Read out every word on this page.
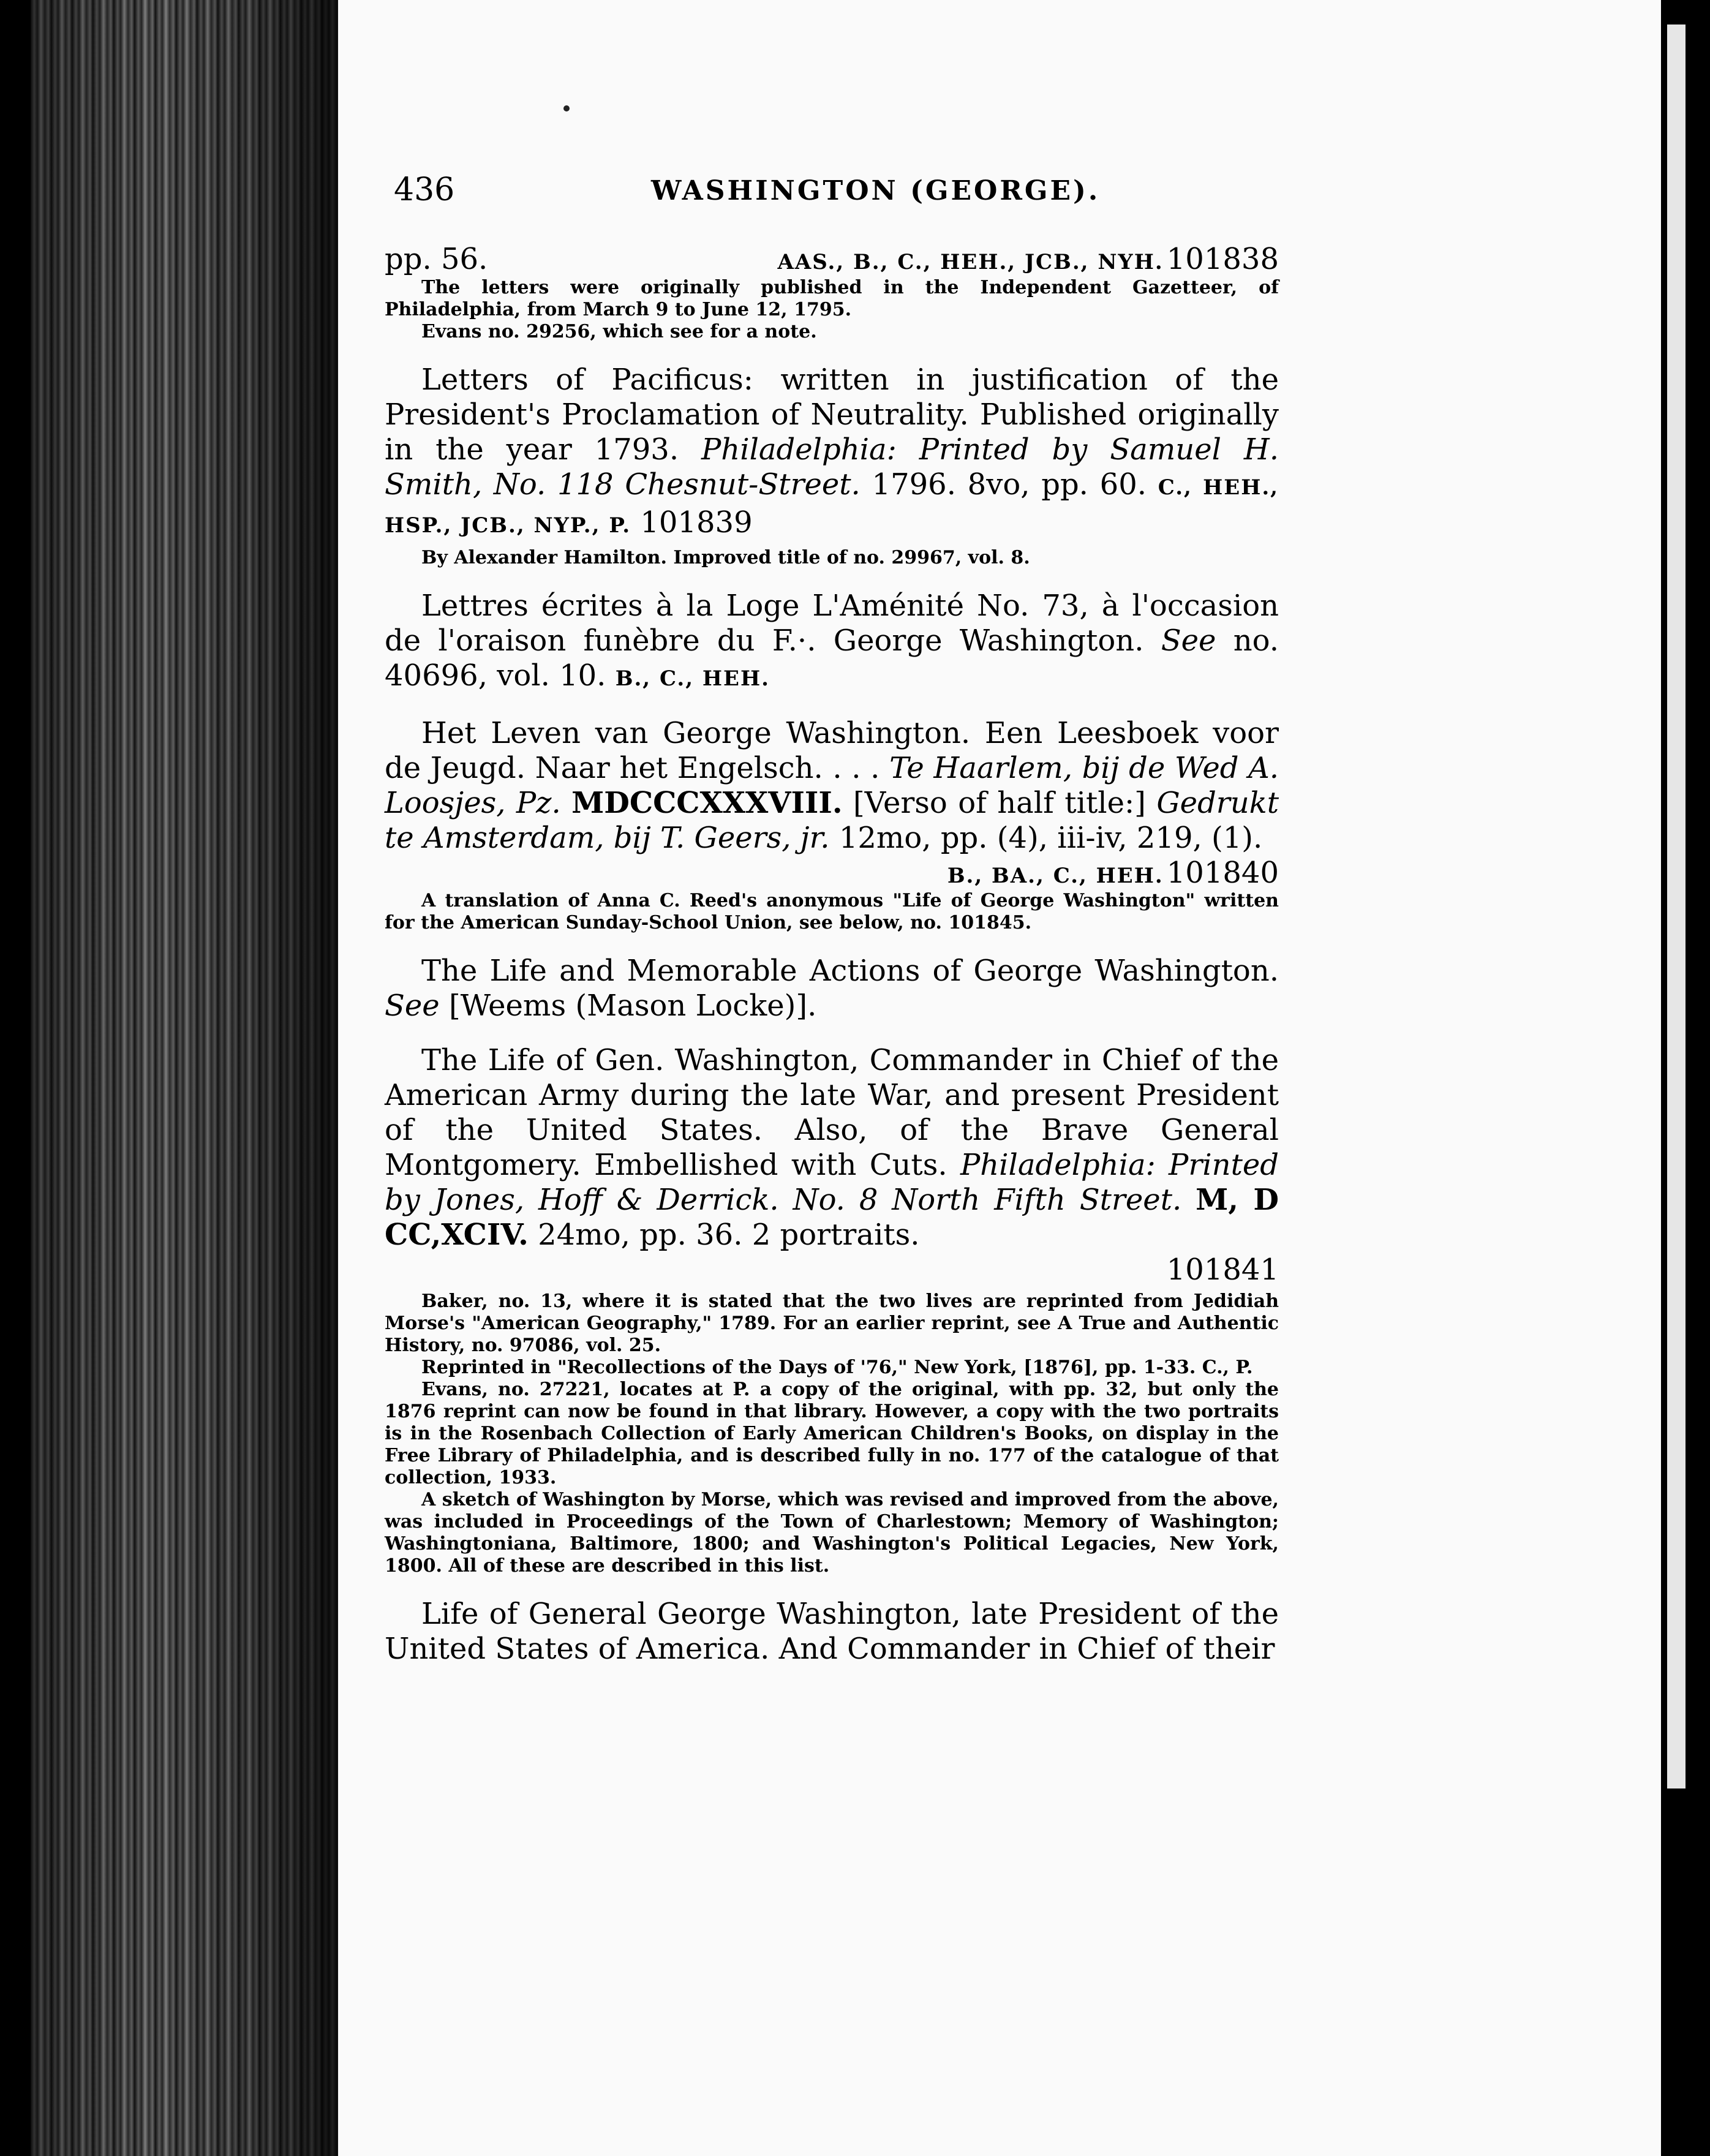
436	WASHINGTON (GEORGE).
pp. 56.	AAS., B., C., HEH., JCB., NYH. 101838

The letters were originally published in the Independent Gazetteer, of Philadelphia, from March 9 to June 12, 1795.

Evans no. 29256, which see for a note.

Letters of Pacificus: written in justification of the President's Proclamation of Neutrality. Published originally in the year 1793. Philadelphia: Printed by Samuel H. Smith, No. 118 Chesnut-Street. 1796. 8vo, pp. 60. C., HEH., HSP., JCB., NYP., P. 101839

By Alexander Hamilton. Improved title of no. 29967, vol. 8.

Lettres écrites à la Loge L'Aménité No. 73, à l'occasion de l'oraison funèbre du F.·. George Washington. See no. 40696, vol. 10. B., C., HEH.

Het Leven van George Washington. Een Leesboek voor de Jeugd. Naar het Engelsch. . . . Te Haarlem, bij de Wed A. Loosjes, Pz. MDCCCXXXVIII. [Verso of half title:] Gedrukt te Amsterdam, bij T. Geers, jr. 12mo, pp. (4), iii-iv, 219, (1).

B., BA., C., HEH. 101840

A translation of Anna C. Reed's anonymous "Life of George Washington" written for the American Sunday-School Union, see below, no. 101845.

The Life and Memorable Actions of George Washington. See [Weems (Mason Locke)].

The Life of Gen. Washington, Commander in Chief of the American Army during the late War, and present President of the United States. Also, of the Brave General Montgomery. Embellished with Cuts. Philadelphia: Printed by Jones, Hoff & Derrick. No. 8 North Fifth Street. M, D CC,XCIV. 24mo, pp. 36. 2 portraits.

101841

Baker, no. 13, where it is stated that the two lives are reprinted from Jedidiah Morse's "American Geography," 1789. For an earlier reprint, see A True and Authentic History, no. 97086, vol. 25.

Reprinted in "Recollections of the Days of '76," New York, [1876], pp. 1-33. C., P.

Evans, no. 27221, locates at P. a copy of the original, with pp. 32, but only the 1876 reprint can now be found in that library. However, a copy with the two portraits is in the Rosenbach Collection of Early American Children's Books, on display in the Free Library of Philadelphia, and is described fully in no. 177 of the catalogue of that collection, 1933.

A sketch of Washington by Morse, which was revised and improved from the above, was included in Proceedings of the Town of Charlestown; Memory of Washington; Washingtoniana, Baltimore, 1800; and Washington's Political Legacies, New York, 1800. All of these are described in this list.

Life of General George Washington, late President of the United States of America. And Commander in Chief of their
